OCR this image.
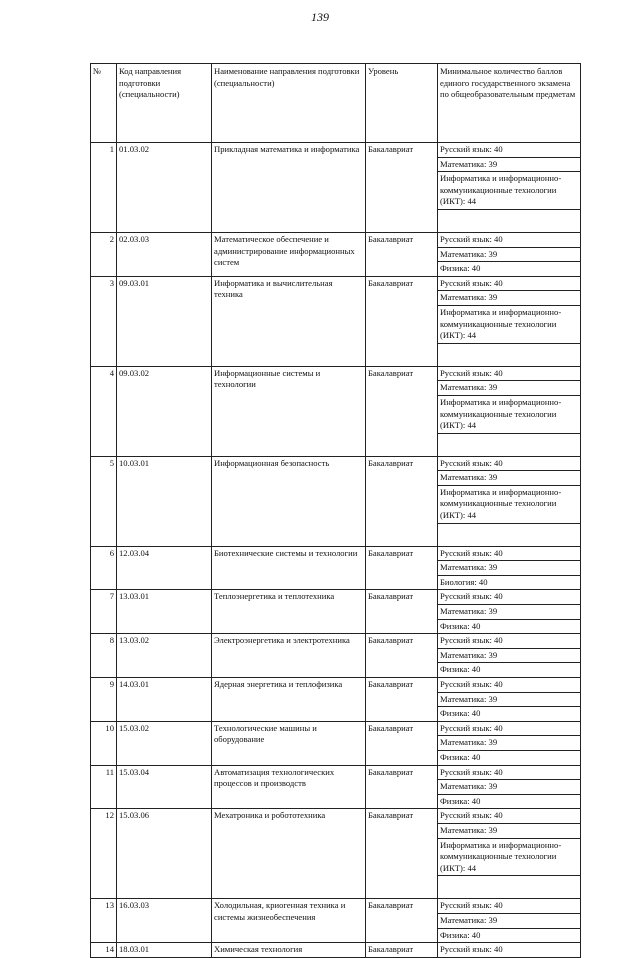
139
№	Код направления подготовки (специальности)	Наименование направления подготовки (специальности)	Уровень	Минимальное количество баллов единого государственного экзамена по общеобразовательным предметам
1	01.03.02	Прикладная математика и информатика	Бакалавриат	Русский язык: 40
				Математика: 39
				Информатика и информационно-коммуникационные технологии (ИКТ): 44

2	02.03.03	Математическое обеспечение и администрирование информационных систем	Бакалавриат	Русский язык: 40
				Математика: 39
				Физика: 40
3	09.03.01	Информатика и вычислительная техника	Бакалавриат	Русский язык: 40
				Математика: 39
				Информатика и информационно-коммуникационные технологии (ИКТ): 44

4	09.03.02	Информационные системы и технологии	Бакалавриат	Русский язык: 40
				Математика: 39
				Информатика и информационно-коммуникационные технологии (ИКТ): 44

5	10.03.01	Информационная безопасность	Бакалавриат	Русский язык: 40
				Математика: 39
				Информатика и информационно-коммуникационные технологии (ИКТ): 44

6	12.03.04	Биотехнические системы и технологии	Бакалавриат	Русский язык: 40
				Математика: 39
				Биология: 40
7	13.03.01	Теплоэнергетика и теплотехника	Бакалавриат	Русский язык: 40
				Математика: 39
				Физика: 40
8	13.03.02	Электроэнергетика и электротехника	Бакалавриат	Русский язык: 40
				Математика: 39
				Физика: 40
9	14.03.01	Ядерная энергетика и теплофизика	Бакалавриат	Русский язык: 40
				Математика: 39
				Физика: 40
10	15.03.02	Технологические машины и оборудование	Бакалавриат	Русский язык: 40
				Математика: 39
				Физика: 40
11	15.03.04	Автоматизация технологических процессов и производств	Бакалавриат	Русский язык: 40
				Математика: 39
				Физика: 40
12	15.03.06	Мехатроника и робототехника	Бакалавриат	Русский язык: 40
				Математика: 39
				Информатика и информационно-коммуникационные технологии (ИКТ): 44

13	16.03.03	Холодильная, криогенная техника и системы жизнеобеспечения	Бакалавриат	Русский язык: 40
				Математика: 39
				Физика: 40
14	18.03.01	Химическая технология	Бакалавриат	Русский язык: 40
